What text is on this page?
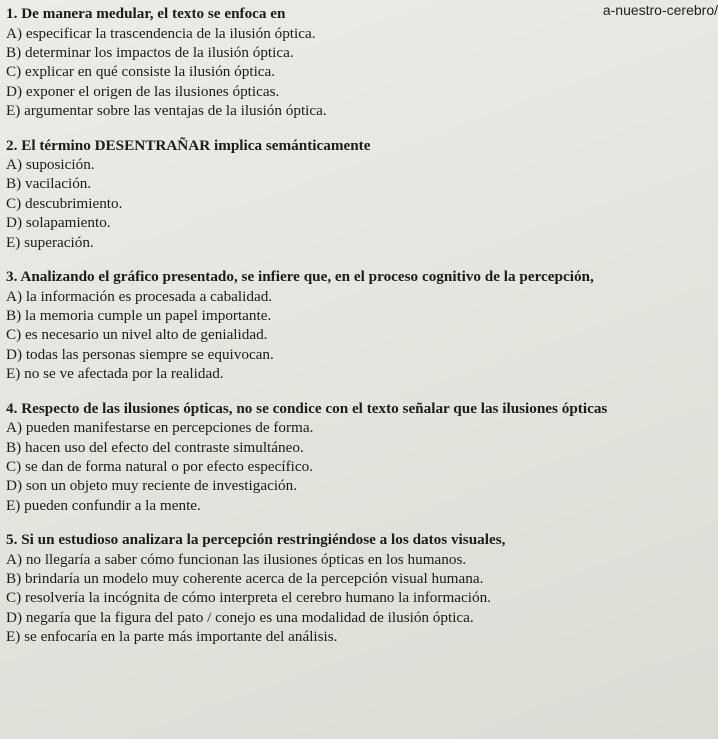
a-nuestro-cerebro/
1. De manera medular, el texto se enfoca en
A) especificar la trascendencia de la ilusión óptica.
B) determinar los impactos de la ilusión óptica.
C) explicar en qué consiste la ilusión óptica.
D) exponer el origen de las ilusiones ópticas.
E) argumentar sobre las ventajas de la ilusión óptica.
2. El término DESENTRAÑAR implica semánticamente
A) suposición.
B) vacilación.
C) descubrimiento.
D) solapamiento.
E) superación.
3. Analizando el gráfico presentado, se infiere que, en el proceso cognitivo de la percepción,
A) la información es procesada a cabalidad.
B) la memoria cumple un papel importante.
C) es necesario un nivel alto de genialidad.
D) todas las personas siempre se equivocan.
E) no se ve afectada por la realidad.
4. Respecto de las ilusiones ópticas, no se condice con el texto señalar que las ilusiones ópticas
A) pueden manifestarse en percepciones de forma.
B) hacen uso del efecto del contraste simultáneo.
C) se dan de forma natural o por efecto específico.
D) son un objeto muy reciente de investigación.
E) pueden confundir a la mente.
5. Si un estudioso analizara la percepción restringiéndose a los datos visuales,
A) no llegaría a saber cómo funcionan las ilusiones ópticas en los humanos.
B) brindaría un modelo muy coherente acerca de la percepción visual humana.
C) resolvería la incógnita de cómo interpreta el cerebro humano la información.
D) negaría que la figura del pato / conejo es una modalidad de ilusión óptica.
E) se enfocaría en la parte más importante del análisis.
